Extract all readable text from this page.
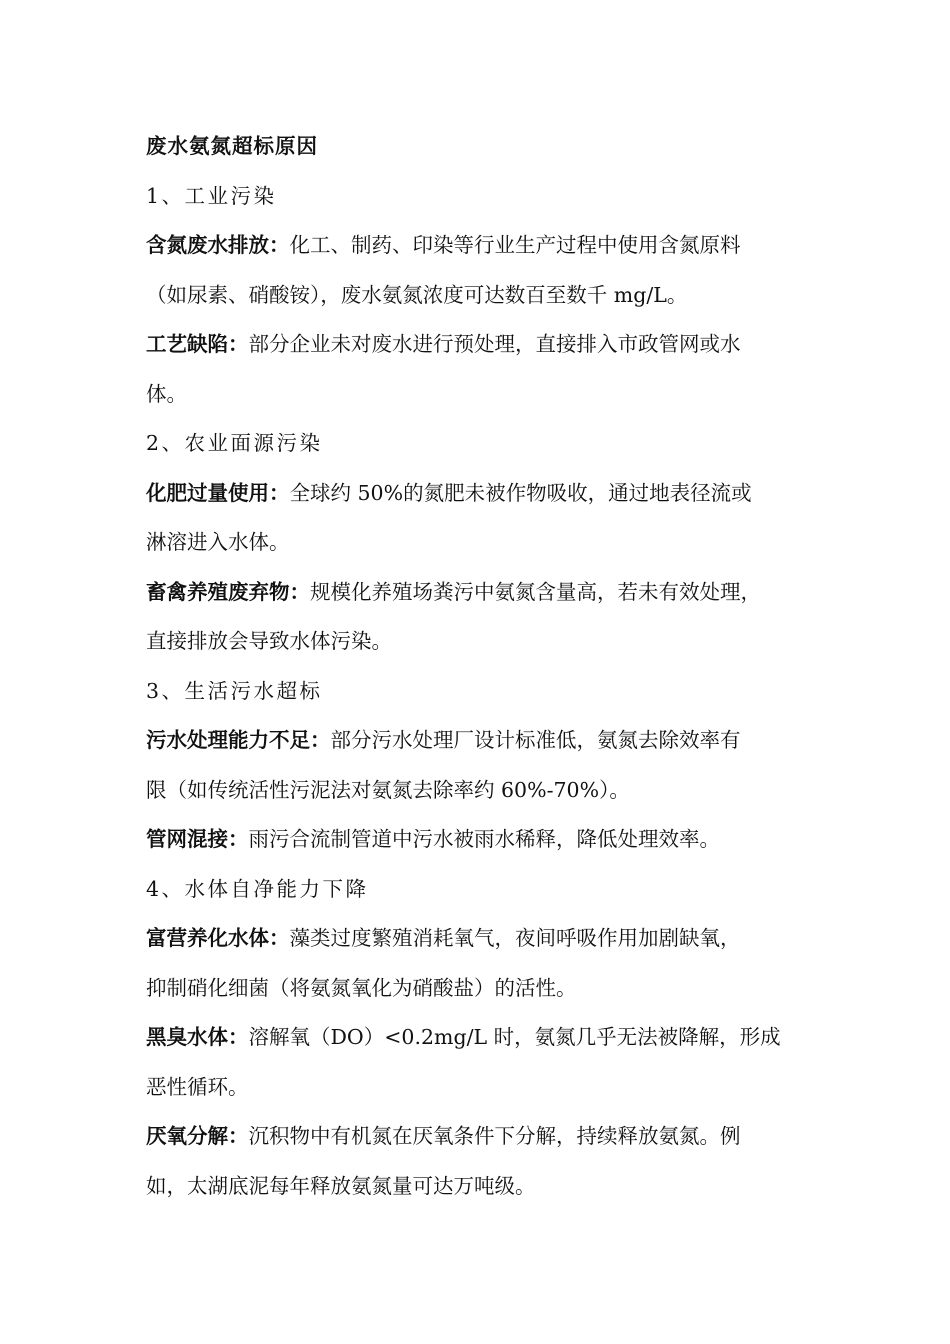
废水氨氮超标原因
1、工业污染
含氮废水排放：化工、制药、印染等行业生产过程中使用含氮原料
（如尿素、硝酸铵），废水氨氮浓度可达数百至数千 mg/L。
工艺缺陷：部分企业未对废水进行预处理，直接排入市政管网或水
体。
2、农业面源污染
化肥过量使用：全球约 50%的氮肥未被作物吸收，通过地表径流或
淋溶进入水体。
畜禽养殖废弃物：规模化养殖场粪污中氨氮含量高，若未有效处理，
直接排放会导致水体污染。
3、生活污水超标
污水处理能力不足：部分污水处理厂设计标准低，氨氮去除效率有
限（如传统活性污泥法对氨氮去除率约 60%-70%）。
管网混接：雨污合流制管道中污水被雨水稀释，降低处理效率。
4、水体自净能力下降
富营养化水体：藻类过度繁殖消耗氧气，夜间呼吸作用加剧缺氧，
抑制硝化细菌（将氨氮氧化为硝酸盐）的活性。
黑臭水体：溶解氧（DO）<0.2mg/L 时，氨氮几乎无法被降解，形成
恶性循环。
厌氧分解：沉积物中有机氮在厌氧条件下分解，持续释放氨氮。例
如，太湖底泥每年释放氨氮量可达万吨级。
